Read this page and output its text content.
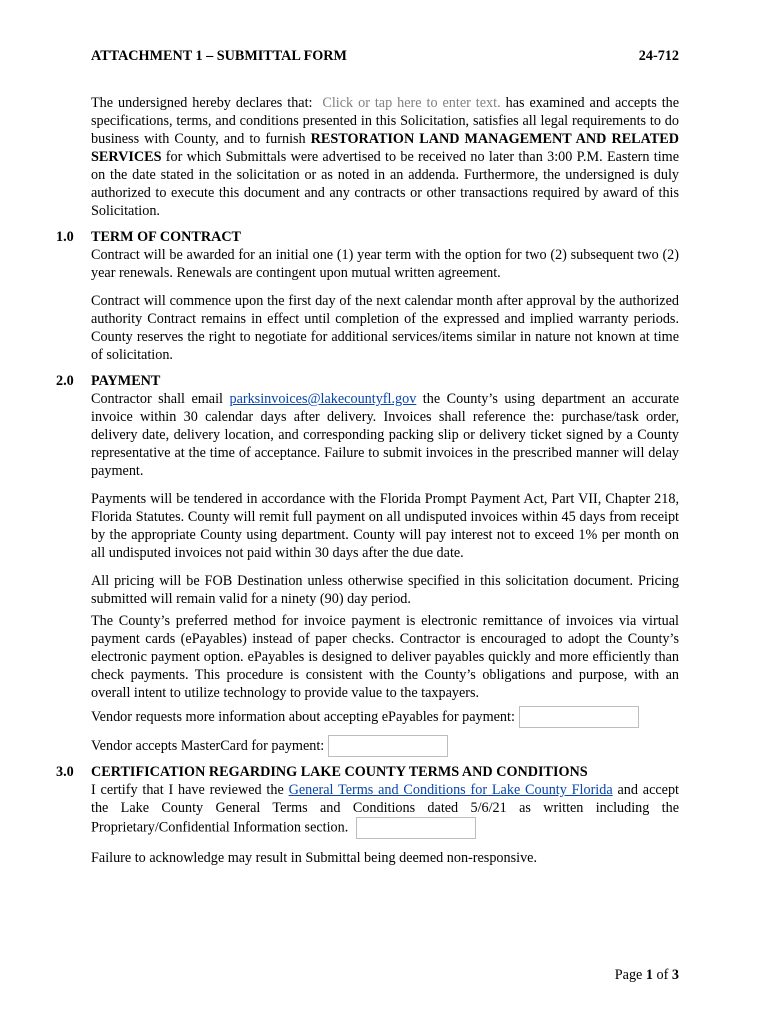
ATTACHMENT 1 – SUBMITTAL FORM	24-712

The undersigned hereby declares that: Click or tap here to enter text. has examined and accepts the specifications, terms, and conditions presented in this Solicitation, satisfies all legal requirements to do business with County, and to furnish RESTORATION LAND MANAGEMENT AND RELATED SERVICES for which Submittals were advertised to be received no later than 3:00 P.M. Eastern time on the date stated in the solicitation or as noted in an addenda. Furthermore, the undersigned is duly authorized to execute this document and any contracts or other transactions required by award of this Solicitation.

1.0 TERM OF CONTRACT

Contract will be awarded for an initial one (1) year term with the option for two (2) subsequent two (2) year renewals. Renewals are contingent upon mutual written agreement.

Contract will commence upon the first day of the next calendar month after approval by the authorized authority Contract remains in effect until completion of the expressed and implied warranty periods. County reserves the right to negotiate for additional services/items similar in nature not known at time of solicitation.

2.0 PAYMENT

Contractor shall email parksinvoices@lakecountyfl.gov the County’s using department an accurate invoice within 30 calendar days after delivery. Invoices shall reference the: purchase/task order, delivery date, delivery location, and corresponding packing slip or delivery ticket signed by a County representative at the time of acceptance. Failure to submit invoices in the prescribed manner will delay payment.

Payments will be tendered in accordance with the Florida Prompt Payment Act, Part VII, Chapter 218, Florida Statutes. County will remit full payment on all undisputed invoices within 45 days from receipt by the appropriate County using department. County will pay interest not to exceed 1% per month on all undisputed invoices not paid within 30 days after the due date.

All pricing will be FOB Destination unless otherwise specified in this solicitation document. Pricing submitted will remain valid for a ninety (90) day period.

The County’s preferred method for invoice payment is electronic remittance of invoices via virtual payment cards (ePayables) instead of paper checks. Contractor is encouraged to adopt the County’s electronic payment option. ePayables is designed to deliver payables quickly and more efficiently than check payments. This procedure is consistent with the County’s obligations and purpose, with an overall intent to utilize technology to provide value to the taxpayers.

Vendor requests more information about accepting ePayables for payment:
Vendor accepts MasterCard for payment:
3.0 CERTIFICATION REGARDING LAKE COUNTY TERMS AND CONDITIONS

I certify that I have reviewed the General Terms and Conditions for Lake County Florida and accept the Lake County General Terms and Conditions dated 5/6/21 as written including the Proprietary/Confidential Information section.

Failure to acknowledge may result in Submittal being deemed non-responsive.

Page 1 of 3
